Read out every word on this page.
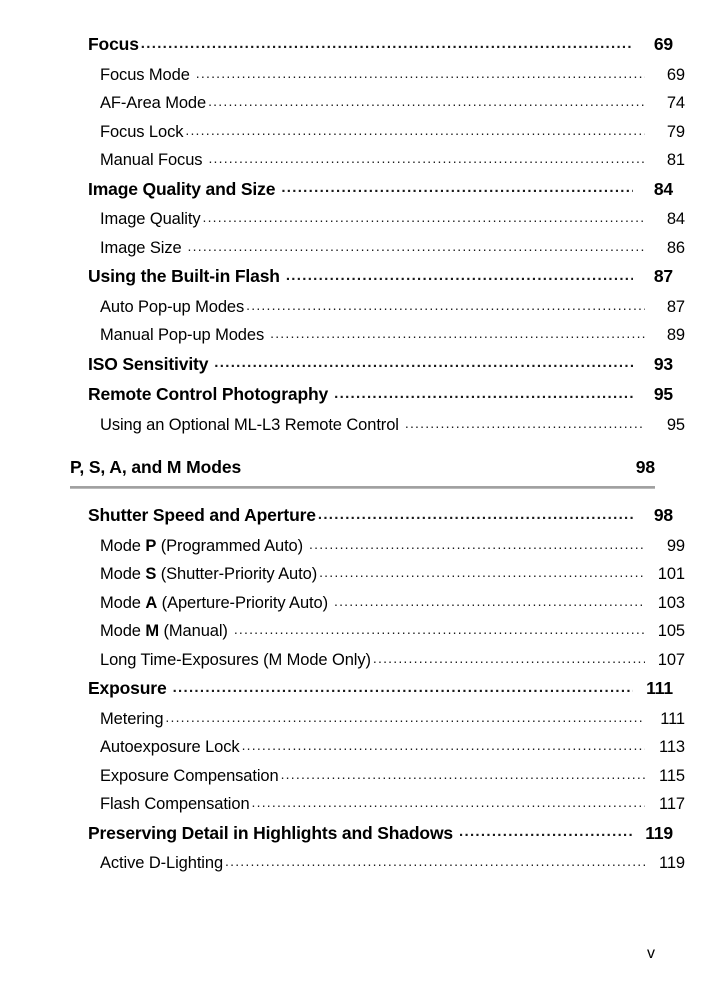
Focus .....	69
Focus Mode .....	69
AF-Area Mode .....	74
Focus Lock .....	79
Manual Focus .....	81
Image Quality and Size .....	84
Image Quality .....	84
Image Size .....	86
Using the Built-in Flash .....	87
Auto Pop-up Modes .....	87
Manual Pop-up Modes .....	89
ISO Sensitivity .....	93
Remote Control Photography .....	95
Using an Optional ML-L3 Remote Control .....	95
P, S, A, and M Modes	98
Shutter Speed and Aperture .....	98
Mode P (Programmed Auto) .....	99
Mode S (Shutter-Priority Auto) .....	101
Mode A (Aperture-Priority Auto) .....	103
Mode M (Manual) .....	105
Long Time-Exposures (M Mode Only) .....	107
Exposure .....	111
Metering .....	111
Autoexposure Lock .....	113
Exposure Compensation .....	115
Flash Compensation .....	117
Preserving Detail in Highlights and Shadows .....	119
Active D-Lighting .....	119
v
